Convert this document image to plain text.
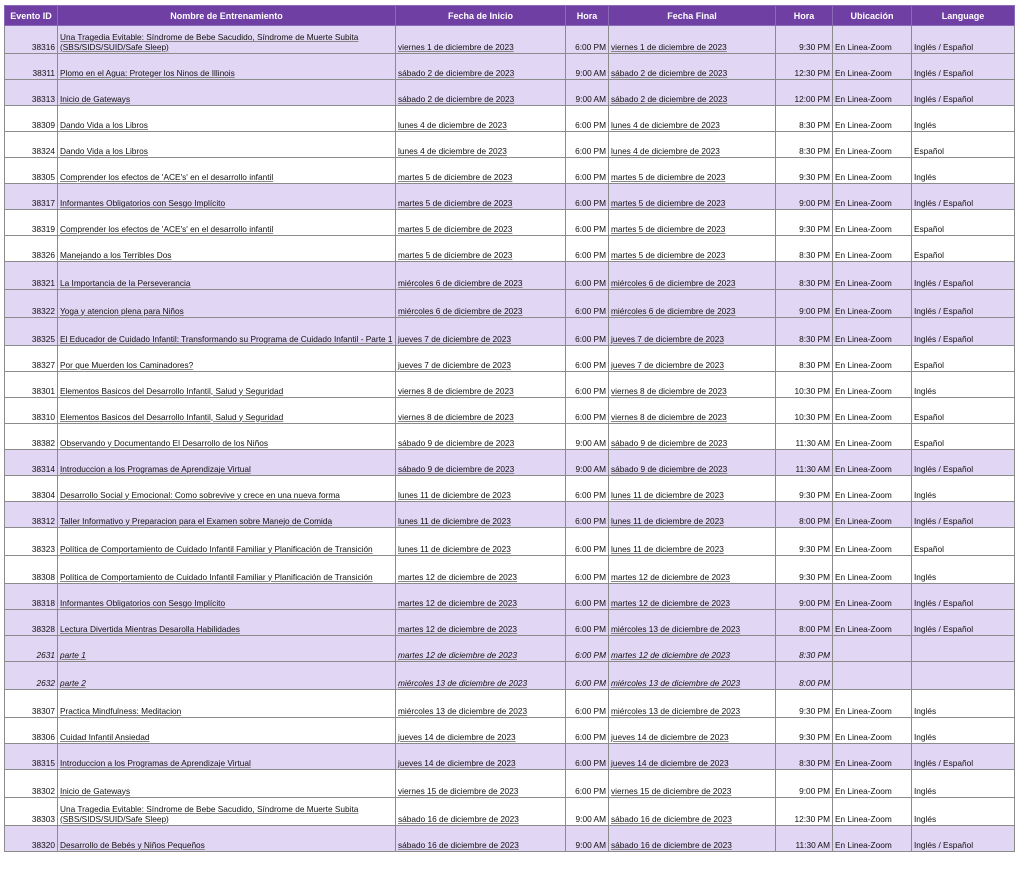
Evento ID	Nombre de Entrenamiento	Fecha de Inicio	Hora	Fecha Final	Hora	Ubicación	Language
38316	Una Tragedia Evitable: Síndrome de Bebe Sacudido, Síndrome de Muerte Subita (SBS/SIDS/SUID/Safe Sleep)	viernes 1 de diciembre de 2023	6:00 PM	viernes 1 de diciembre de 2023	9:30 PM	En Linea-Zoom	Inglés / Español
38311	Plomo en el Agua: Proteger los Ninos de Illinois	sábado 2 de diciembre de 2023	9:00 AM	sábado 2 de diciembre de 2023	12:30 PM	En Linea-Zoom	Inglés / Español
38313	Inicio de Gateways	sábado 2 de diciembre de 2023	9:00 AM	sábado 2 de diciembre de 2023	12:00 PM	En Linea-Zoom	Inglés / Español
38309	Dando Vida a los Libros	lunes 4 de diciembre de 2023	6:00 PM	lunes 4 de diciembre de 2023	8:30 PM	En Linea-Zoom	Inglés
38324	Dando Vida a los Libros	lunes 4 de diciembre de 2023	6:00 PM	lunes 4 de diciembre de 2023	8:30 PM	En Linea-Zoom	Español
38305	Comprender los efectos de 'ACE's' en el desarrollo infantil	martes 5 de diciembre de 2023	6:00 PM	martes 5 de diciembre de 2023	9:30 PM	En Linea-Zoom	Inglés
38317	Informantes Obligatorios con Sesgo Implícito	martes 5 de diciembre de 2023	6:00 PM	martes 5 de diciembre de 2023	9:00 PM	En Linea-Zoom	Inglés / Español
38319	Comprender los efectos de 'ACE's' en el desarrollo infantil	martes 5 de diciembre de 2023	6:00 PM	martes 5 de diciembre de 2023	9:30 PM	En Linea-Zoom	Español
38326	Manejando a los Terribles Dos	martes 5 de diciembre de 2023	6:00 PM	martes 5 de diciembre de 2023	8:30 PM	En Linea-Zoom	Español
38321	La Importancia de la Perseverancia	miércoles 6 de diciembre de 2023	6:00 PM	miércoles 6 de diciembre de 2023	8:30 PM	En Linea-Zoom	Inglés / Español
38322	Yoga y atencion plena para Niños	miércoles 6 de diciembre de 2023	6:00 PM	miércoles 6 de diciembre de 2023	9:00 PM	En Linea-Zoom	Inglés / Español
38325	El Educador de Cuidado Infantil: Transformando su Programa de Cuidado Infantil - Parte 1	jueves 7 de diciembre de 2023	6:00 PM	jueves 7 de diciembre de 2023	8:30 PM	En Linea-Zoom	Inglés / Español
38327	Por que Muerden los Caminadores?	jueves 7 de diciembre de 2023	6:00 PM	jueves 7 de diciembre de 2023	8:30 PM	En Linea-Zoom	Español
38301	Elementos Basicos del Desarrollo Infantil, Salud y Seguridad	viernes 8 de diciembre de 2023	6:00 PM	viernes 8 de diciembre de 2023	10:30 PM	En Linea-Zoom	Inglés
38310	Elementos Basicos del Desarrollo Infantil, Salud y Seguridad	viernes 8 de diciembre de 2023	6:00 PM	viernes 8 de diciembre de 2023	10:30 PM	En Linea-Zoom	Español
38382	Observando y Documentando El Desarrollo de los Niños	sábado 9 de diciembre de 2023	9:00 AM	sábado 9 de diciembre de 2023	11:30 AM	En Linea-Zoom	Español
38314	Introduccion a los Programas de Aprendizaje Virtual	sábado 9 de diciembre de 2023	9:00 AM	sábado 9 de diciembre de 2023	11:30 AM	En Linea-Zoom	Inglés / Español
38304	Desarrollo Social y Emocional: Como sobrevive y crece en una nueva forma	lunes 11 de diciembre de 2023	6:00 PM	lunes 11 de diciembre de 2023	9:30 PM	En Linea-Zoom	Inglés
38312	Taller Informativo y Preparacion para el Examen sobre Manejo de Comida	lunes 11 de diciembre de 2023	6:00 PM	lunes 11 de diciembre de 2023	8:00 PM	En Linea-Zoom	Inglés / Español
38323	Política de Comportamiento de Cuidado Infantil Familiar y Planificación de Transición	lunes 11 de diciembre de 2023	6:00 PM	lunes 11 de diciembre de 2023	9:30 PM	En Linea-Zoom	Español
38308	Política de Comportamiento de Cuidado Infantil Familiar y Planificación de Transición	martes 12 de diciembre de 2023	6:00 PM	martes 12 de diciembre de 2023	9:30 PM	En Linea-Zoom	Inglés
38318	Informantes Obligatorios con Sesgo Implícito	martes 12 de diciembre de 2023	6:00 PM	martes 12 de diciembre de 2023	9:00 PM	En Linea-Zoom	Inglés / Español
38328	Lectura Divertida Mientras Desarolla Habilidades	martes 12 de diciembre de 2023	6:00 PM	miércoles 13 de diciembre de 2023	8:00 PM	En Linea-Zoom	Inglés / Español
2631	parte 1	martes 12 de diciembre de 2023	6:00 PM	martes 12 de diciembre de 2023	8:30 PM		
2632	parte 2	miércoles 13 de diciembre de 2023	6:00 PM	miércoles 13 de diciembre de 2023	8:00 PM		
38307	Practica Mindfulness: Meditacion	miércoles 13 de diciembre de 2023	6:00 PM	miércoles 13 de diciembre de 2023	9:30 PM	En Linea-Zoom	Inglés
38306	Cuidad Infantil Ansiedad	jueves 14 de diciembre de 2023	6:00 PM	jueves 14 de diciembre de 2023	9:30 PM	En Linea-Zoom	Inglés
38315	Introduccion a los Programas de Aprendizaje Virtual	jueves 14 de diciembre de 2023	6:00 PM	jueves 14 de diciembre de 2023	8:30 PM	En Linea-Zoom	Inglés / Español
38302	Inicio de Gateways	viernes 15 de diciembre de 2023	6:00 PM	viernes 15 de diciembre de 2023	9:00 PM	En Linea-Zoom	Inglés
38303	Una Tragedia Evitable: Síndrome de Bebe Sacudido, Síndrome de Muerte Subita (SBS/SIDS/SUID/Safe Sleep)	sábado 16 de diciembre de 2023	9:00 AM	sábado 16 de diciembre de 2023	12:30 PM	En Linea-Zoom	Inglés
38320	Desarrollo de Bebés y Niños Pequeños	sábado 16 de diciembre de 2023	9:00 AM	sábado 16 de diciembre de 2023	11:30 AM	En Linea-Zoom	Inglés / Español
